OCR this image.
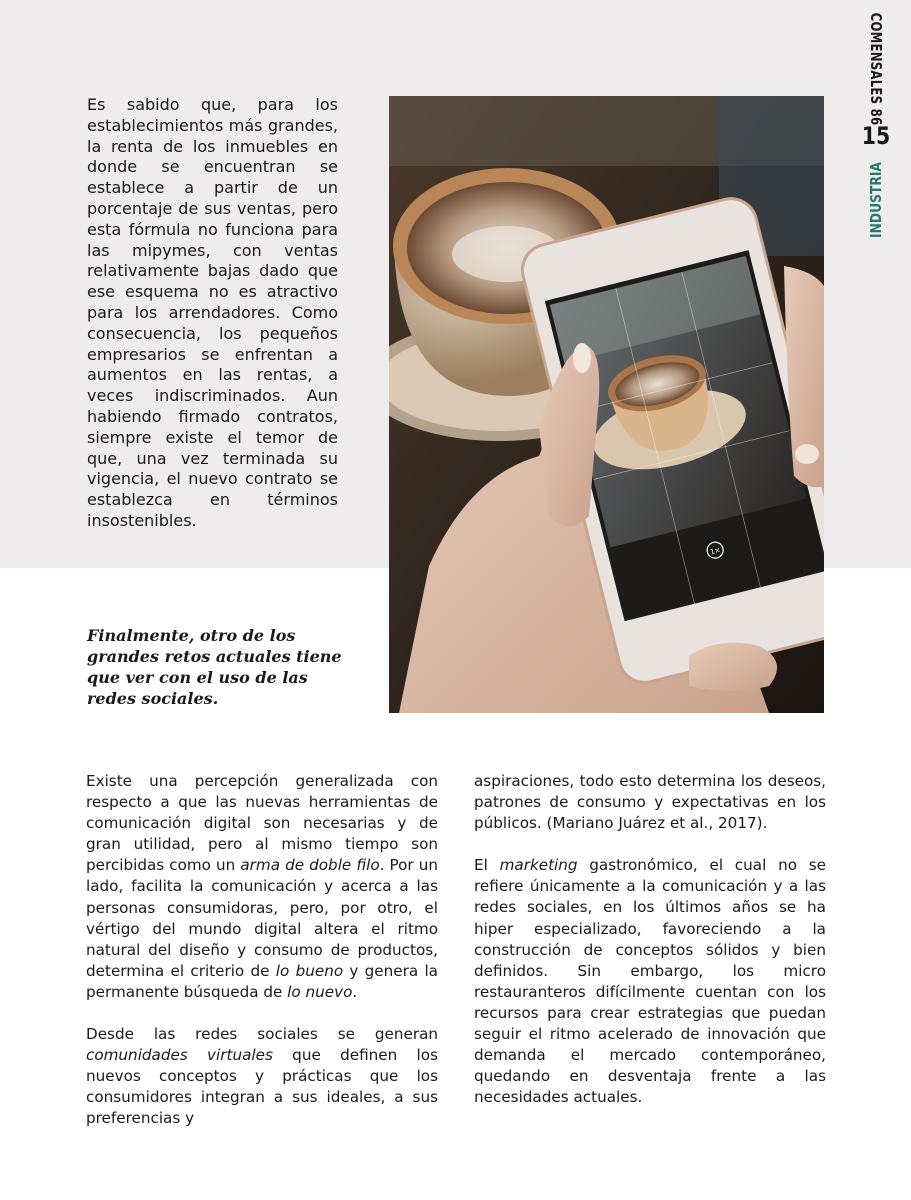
COMENSALES 86
15
INDUSTRIA

Es sabido que, para los establecimientos más grandes, la renta de los inmuebles en donde se encuentran se establece a partir de un porcentaje de sus ventas, pero esta fórmula no funciona para las mipymes, con ventas relativamente bajas dado que ese esquema no es atractivo para los arrendadores. Como consecuencia, los pequeños empresarios se enfrentan a aumentos en las rentas, a veces indiscriminados. Aun habiendo firmado contratos, siempre existe el temor de que, una vez terminada su vigencia, el nuevo contrato se establezca en términos insostenibles.

Finalmente, otro de los grandes retos actuales tiene que ver con el uso de las redes sociales.

1×

Existe una percepción generalizada con respecto a que las nuevas herramientas de comunicación digital son necesarias y de gran utilidad, pero al mismo tiempo son percibidas como un arma de doble filo. Por un lado, facilita la comunicación y acerca a las personas consumidoras, pero, por otro, el vértigo del mundo digital altera el ritmo natural del diseño y consumo de productos, determina el criterio de lo bueno y genera la permanente búsqueda de lo nuevo.

Desde las redes sociales se generan comunidades virtuales que definen los nuevos conceptos y prácticas que los consumidores integran a sus ideales, a sus preferencias y

aspiraciones, todo esto determina los deseos, patrones de consumo y expectativas en los públicos. (Mariano Juárez et al., 2017).

El marketing gastronómico, el cual no se refiere únicamente a la comunicación y a las redes sociales, en los últimos años se ha hiper especializado, favoreciendo a la construcción de conceptos sólidos y bien definidos. Sin embargo, los micro restauranteros difícilmente cuentan con los recursos para crear estrategias que puedan seguir el ritmo acelerado de innovación que demanda el mercado contemporáneo, quedando en desventaja frente a las necesidades actuales.
